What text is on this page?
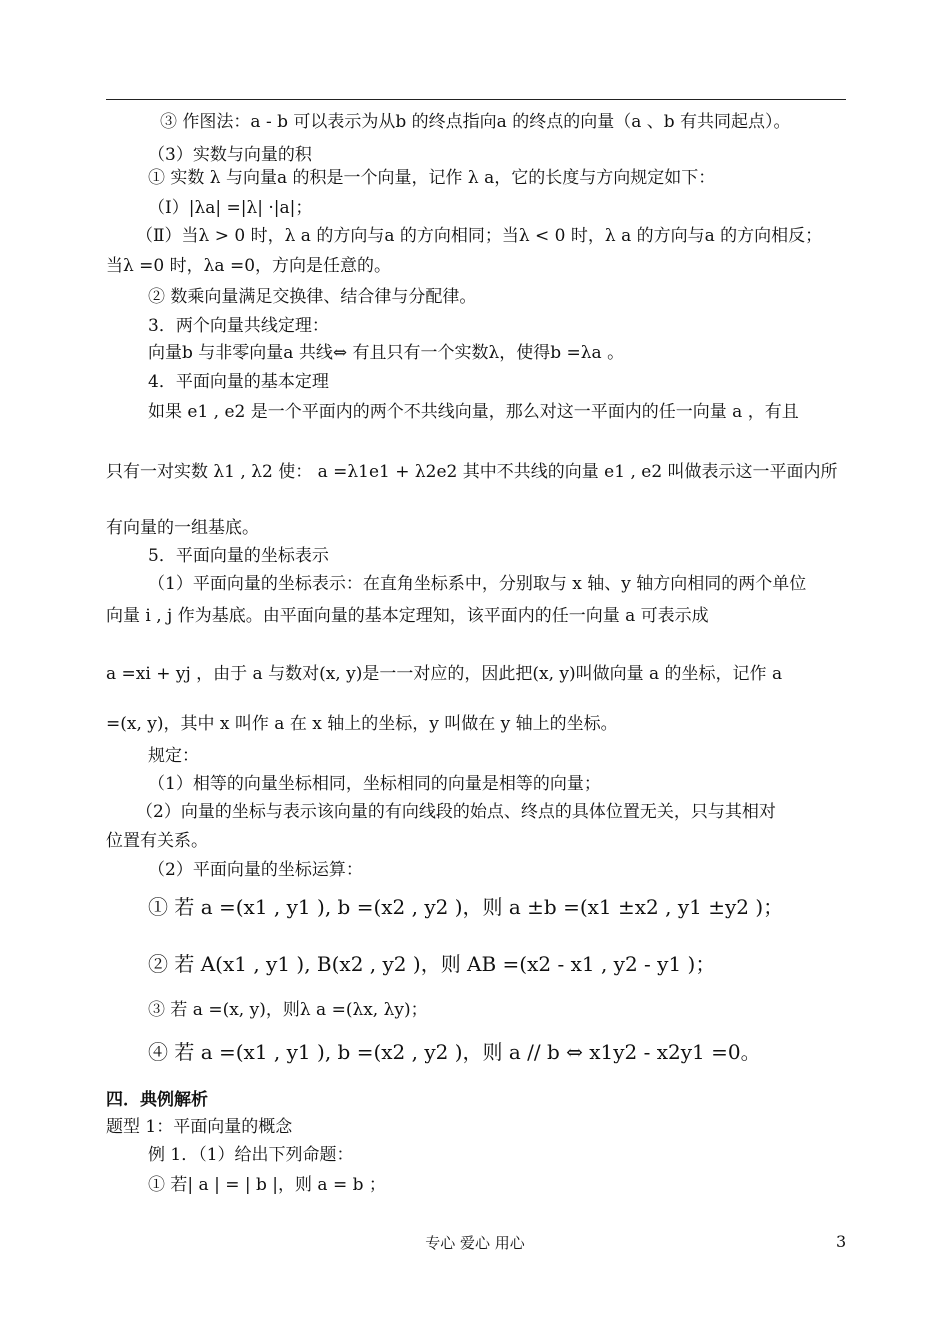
③ 作图法：a - b 可以表示为从b 的终点指向a 的终点的向量（a 、b 有共同起点）。
（3）实数与向量的积
① 实数 λ 与向量a 的积是一个向量，记作 λ a，它的长度与方向规定如下：
（Ⅰ）|λa| =|λ| ·|a|；
（Ⅱ）当λ > 0 时，λ a 的方向与a 的方向相同；当λ < 0 时，λ a 的方向与a 的方向相反；
当λ =0 时，λa =0，方向是任意的。
② 数乘向量满足交换律、结合律与分配律。
3．两个向量共线定理：
向量b 与非零向量a 共线⇔ 有且只有一个实数λ，使得b =λa 。
4．平面向量的基本定理
如果 e1 , e2 是一个平面内的两个不共线向量，那么对这一平面内的任一向量 a ，有且
只有一对实数 λ1 , λ2 使： a =λ1e1 + λ2e2 其中不共线的向量 e1 , e2 叫做表示这一平面内所
有向量的一组基底。
5．平面向量的坐标表示
（1）平面向量的坐标表示：在直角坐标系中，分别取与 x 轴、y 轴方向相同的两个单位
向量 i , j 作为基底。由平面向量的基本定理知，该平面内的任一向量 a 可表示成
a =xi + yj ，由于 a 与数对(x, y)是一一对应的，因此把(x, y)叫做向量 a 的坐标，记作 a
=(x, y)，其中 x 叫作 a 在 x 轴上的坐标，y 叫做在 y 轴上的坐标。
规定：
（1）相等的向量坐标相同，坐标相同的向量是相等的向量；
（2）向量的坐标与表示该向量的有向线段的始点、终点的具体位置无关，只与其相对
位置有关系。
（2）平面向量的坐标运算：
① 若 a =(x1 , y1 ), b =(x2 , y2 )，则 a ±b =(x1 ±x2 , y1 ±y2 )；
② 若 A(x1 , y1 ), B(x2 , y2 )，则 AB =(x2 - x1 , y2 - y1 )；
③ 若 a =(x, y)，则λ a =(λx, λy)；
④ 若 a =(x1 , y1 ), b =(x2 , y2 )，则 a // b ⇔ x1y2 - x2y1 =0。
四．典例解析
题型 1：平面向量的概念
例 1．（1）给出下列命题：
① 若| a | = | b |，则 a = b ；
专心 爱心 用心	3
